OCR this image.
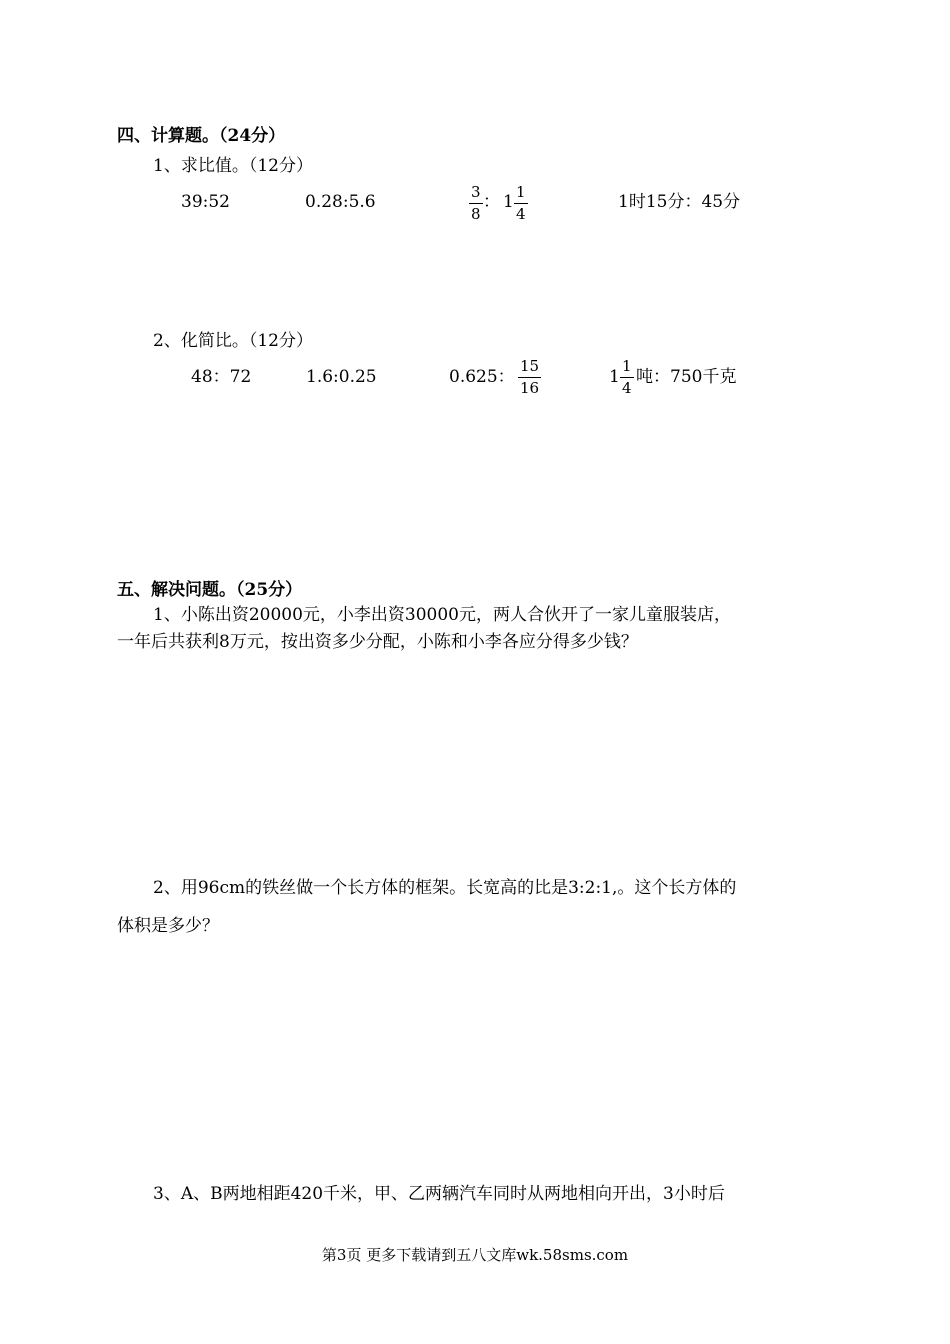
四、计算题。（24分）
1、求比值。（12分）
39:52	0.28:5.6	$\frac{3}{8}$ ： $1 \frac{1}{4}$	1时15分：45分
2、化简比。（12分）
48：72	1.6:0.25	0.625： $\frac{15}{16}$	$1 \frac{1}{4}$ 吨：750千克
五、解决问题。（25分）
1、小陈出资20000元，小李出资30000元，两人合伙开了一家儿童服装店，
一年后共获利8万元，按出资多少分配，小陈和小李各应分得多少钱？
2、用96cm的铁丝做一个长方体的框架。长宽高的比是3:2:1,。这个长方体的
体积是多少？
3、A、B两地相距420千米，甲、乙两辆汽车同时从两地相向开出，3小时后
第3页 更多下载请到五八文库wk.58sms.com
